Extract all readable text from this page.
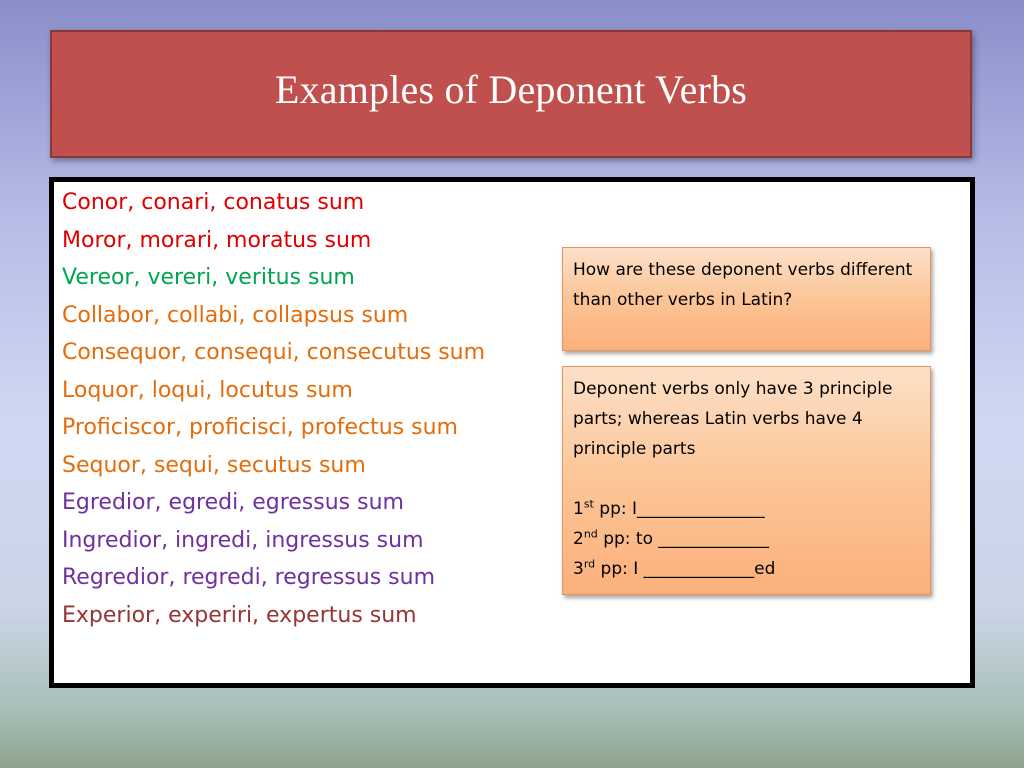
Examples of Deponent Verbs
Conor, conari, conatus sum
Moror, morari, moratus sum
Vereor, vereri, veritus sum
Collabor, collabi, collapsus sum
Consequor, consequi, consecutus sum
Loquor, loqui, locutus sum
Proficiscor, proficisci, profectus sum
Sequor, sequi, secutus sum
Egredior, egredi, egressus sum
Ingredior, ingredi, ingressus sum
Regredior, regredi, regressus sum
Experior, experiri, expertus sum
How are these deponent verbs different than other verbs in Latin?
Deponent verbs only have 3 principle parts; whereas Latin verbs have 4 principle parts
1st pp: I_______________
2nd pp: to _____________
3rd pp: I _____________ed
